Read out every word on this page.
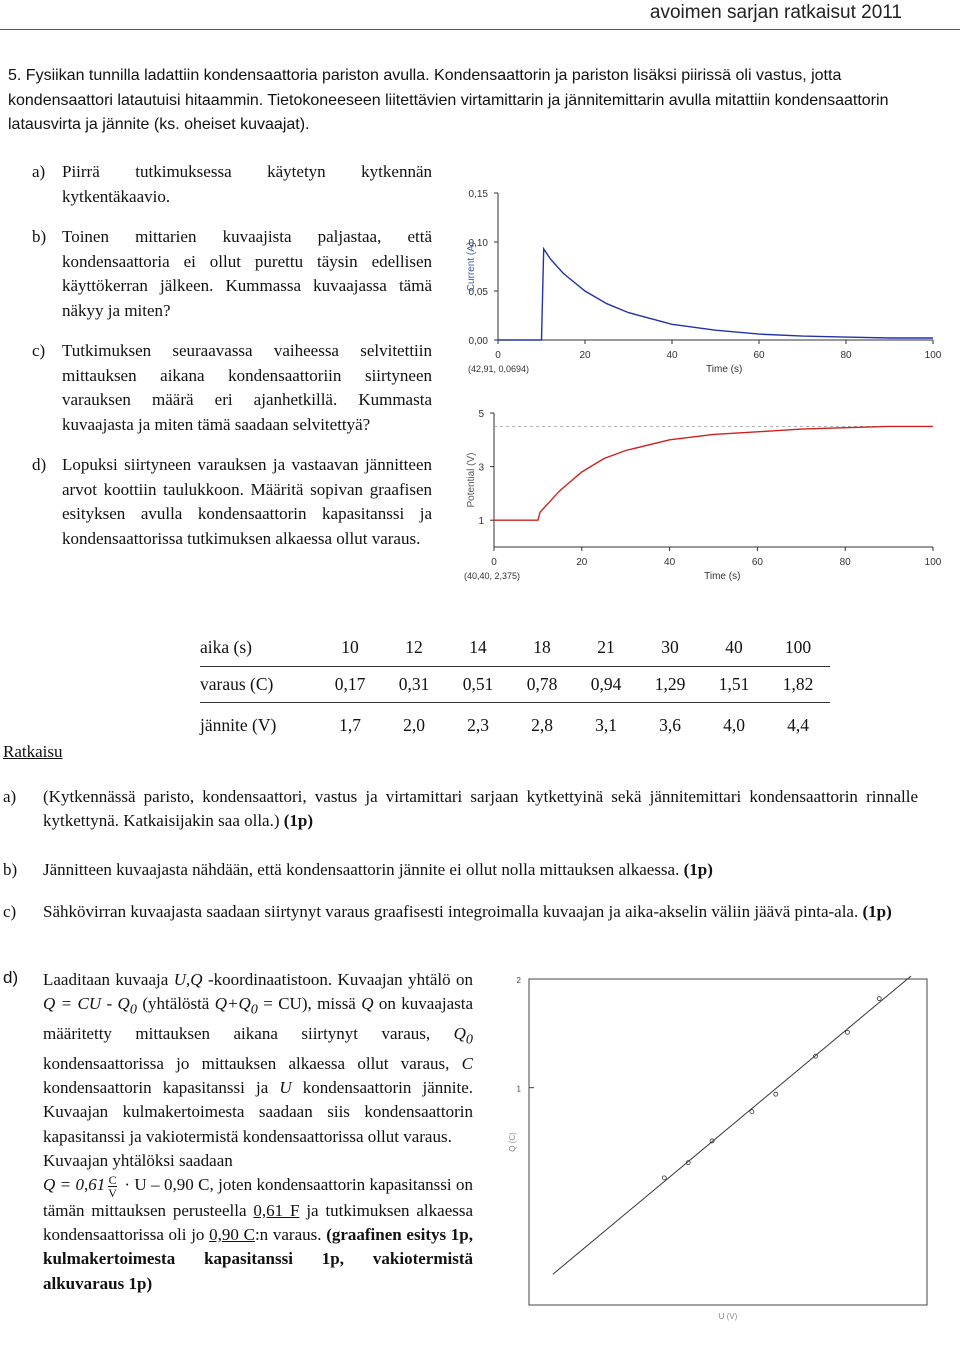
avoimen sarjan ratkaisut 2011
5. Fysiikan tunnilla ladattiin kondensaattoria pariston avulla. Kondensaattorin ja pariston lisäksi piirissä oli vastus, jotta kondensaattori latautuisi hitaammin. Tietokoneeseen liitettävien virtamittarin ja jännitemittarin avulla mitattiin kondensaattorin latausvirta ja jännite (ks. oheiset kuvaajat).
a) Piirrä tutkimuksessa käytetyn kytkennän kytkentäkaavio.
b) Toinen mittarien kuvaajista paljastaa, että kondensaattoria ei ollut purettu täysin edellisen käyttökerran jälkeen. Kummassa kuvaajassa tämä näkyy ja miten?
c) Tutkimuksen seuraavassa vaiheessa selvitettiin mittauksen aikana kondensaattoriin siirtyneen varauksen määrä eri ajanhetkillä. Kummasta kuvaajasta ja miten tämä saadaan selvitettyä?
d) Lopuksi siirtyneen varauksen ja vastaavan jännitteen arvot koottiin taulukkoon. Määritä sopivan graafisen esityksen avulla kondensaattorin kapasitanssi ja kondensaattorissa tutkimuksen alkaessa ollut varaus.
0,00
0,05
0,10
0,15
0	20	40	60	80	100
Current (A)
Time (s)
(42,91, 0,0694)
1
3
5
0	20	40	60	80	100
Potential (V)
Time (s)
(40,40, 2,375)
aika (s)	10	12	14	18	21	30	40	100
varaus (C)	0,17	0,31	0,51	0,78	0,94	1,29	1,51	1,82
jännite (V)	1,7	2,0	2,3	2,8	3,1	3,6	4,0	4,4
Ratkaisu
a) (Kytkennässä paristo, kondensaattori, vastus ja virtamittari sarjaan kytkettyinä sekä jännitemittari kondensaattorin rinnalle kytkettynä. Katkaisijakin saa olla.) (1p)
b) Jännitteen kuvaajasta nähdään, että kondensaattorin jännite ei ollut nolla mittauksen alkaessa. (1p)
c) Sähkövirran kuvaajasta saadaan siirtynyt varaus graafisesti integroimalla kuvaajan ja aika-akselin väliin jäävä pinta-ala. (1p)
d) Laaditaan kuvaaja U,Q -koordinaatistoon. Kuvaajan yhtälö on Q = CU - $Q_0$ (yhtälöstä $Q+Q_0 = CU$), missä Q on kuvaajasta määritetty mittauksen aikana siirtynyt varaus, $Q_0$ kondensaattorissa jo mittauksen alkaessa ollut varaus, C kondensaattorin kapasitanssi ja U kondensaattorin jännite. Kuvaajan kulmakertoimesta saadaan siis kondensaattorin kapasitanssi ja vakiotermistä kondensaattorissa ollut varaus.
Kuvaajan yhtälöksi saadaan
$Q = 0,61 \frac{C}{V} \cdot U - 0,90$ C, joten kondensaattorin kapasitanssi on tämän mittauksen perusteella 0,61 F ja tutkimuksen alkaessa kondensaattorissa oli jo 0,90 C:n varaus. (graafinen esitys 1p, kulmakertoimesta kapasitanssi 1p, vakiotermistä alkuvaraus 1p)
1
2
Q (C)
U (V)
